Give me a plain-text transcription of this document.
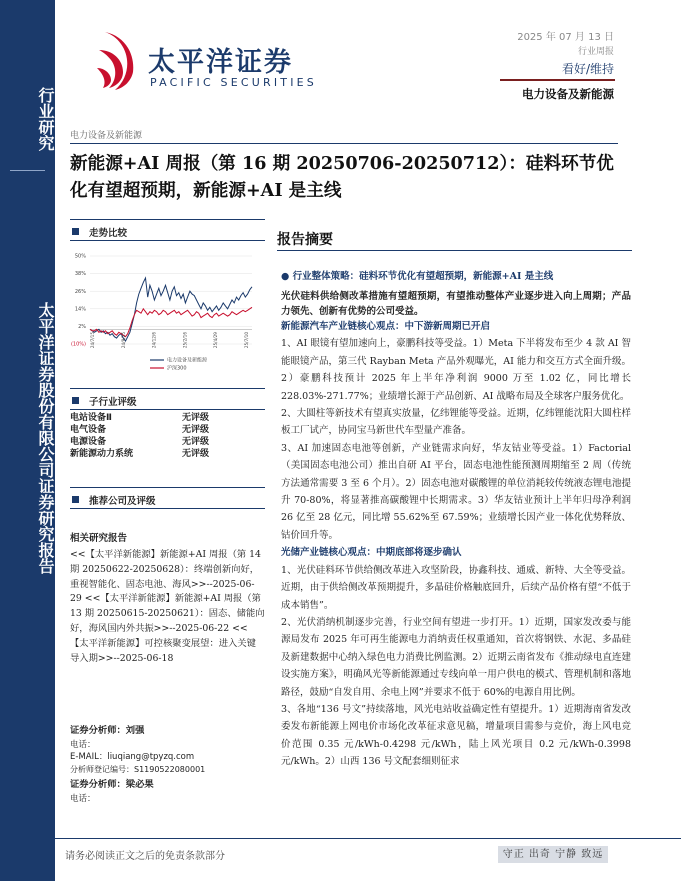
行业研究
太平洋证券股份有限公司证券研究报告
太平洋证券
PACIFIC SECURITIES
2025 年 07 月 13 日
行业周报
看好/维持
电力设备及新能源
电力设备及新能源
新能源+AI 周报（第 16 期 20250706-20250712）：硅料环节优化有望超预期，新能源+AI 是主线
走势比较
50%
38%
26%
14%
2%
(10%) 24/7/15	24/9/25	24/12/6	25/2/16	25/4/29	25/7/10
电力设备及新能源
沪深300
子行业评级
电站设备Ⅱ	无评级
电气设备	无评级
电源设备	无评级
新能源动力系统	无评级
推荐公司及评级
相关研究报告
<<【太平洋新能源】新能源+AI 周报（第 14 期 20250622-20250628）：终端创新向好，重视智能化、固态电池、海风>>--2025-06-29 <<【太平洋新能源】新能源+AI 周报（第 13 期 20250615-20250621）：固态、储能向好，海风国内外共振>>--2025-06-22 <<【太平洋新能源】可控核聚变展望：进入关键导入期>>--2025-06-18
证券分析师：刘强
电话：
E-MAIL：liuqiang@tpyzq.com
分析师登记编号：S1190522080001
证券分析师：梁必果
电话：
报告摘要

● 行业整体策略：硅料环节优化有望超预期，新能源+AI 是主线

光伏硅料供给侧改革措施有望超预期，有望推动整体产业逐步进入向上周期；产品力领先、创新有优势的公司受益。

新能源汽车产业链核心观点：中下游新周期已开启

1、AI 眼镜有望加速向上，豪鹏科技等受益。1）Meta 下半将发布至少 4 款 AI 智能眼镜产品，第三代 Rayban Meta 产品外观曝光，AI 能力和交互方式全面升级。2）豪鹏科技预计 2025 年上半年净利润 9000 万至 1.02 亿，同比增长 228.03%-271.77%；业绩增长源于产品创新、AI 战略布局及全球客户服务优化。

2、大圆柱等新技术有望真实放量，亿纬锂能等受益。近期，亿纬锂能沈阳大圆柱样板工厂试产，协同宝马新世代车型量产准备。

3、AI 加速固态电池等创新，产业链需求向好，华友钴业等受益。1）Factorial（美国固态电池公司）推出自研 AI 平台，固态电池性能预测周期缩至 2 周（传统方法通常需要 3 至 6 个月）。2）固态电池对碳酸锂的单位消耗较传统液态锂电池提升 70-80%，将显著推高碳酸锂中长期需求。3）华友钴业预计上半年归母净利润 26 亿至 28 亿元，同比增 55.62%至 67.59%；业绩增长因产业一体化优势释放、钴价回升等。

光储产业链核心观点：中期底部将逐步确认

1、光伏硅料环节供给侧改革进入攻坚阶段，协鑫科技、通威、新特、大全等受益。近期，由于供给侧改革预期提升，多晶硅价格触底回升，后续产品价格有望“不低于成本销售”。

2、光伏消纳机制逐步完善，行业空间有望进一步打开。1）近期，国家发改委与能源局发布 2025 年可再生能源电力消纳责任权重通知，首次将钢铁、水泥、多晶硅及新建数据中心纳入绿色电力消费比例监测。2）近期云南省发布《推动绿电直连建设实施方案》，明确风光等新能源通过专线向单一用户供电的模式、管理机制和落地路径，鼓励“自发自用、余电上网”并要求不低于 60%的电源自用比例。

3、各地“136 号文”持续落地，风光电站收益确定性有望提升。1）近期海南省发改委发布新能源上网电价市场化改革征求意见稿，增量项目需参与竞价，海上风电竞价范围 0.35 元/kWh-0.4298 元/kWh，陆上风光项目 0.2 元/kWh-0.3998 元/kWh。2）山西 136 号文配套细则征求

请务必阅读正文之后的免责条款部分	守正 出奇 宁静 致远
